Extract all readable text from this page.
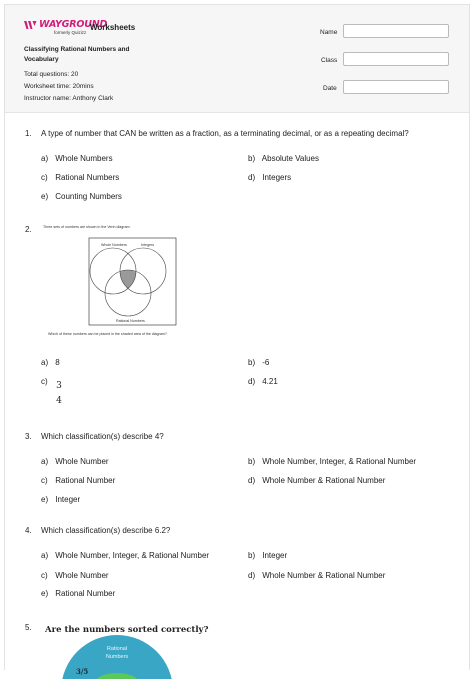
WAYGROUND
formerly Quizizz
Worksheets
Classifying Rational Numbers and Vocabulary
Total questions: 20
Worksheet time: 20mins
Instructor name: Anthony Clark
Name
Class
Date
1. A type of number that CAN be written as a fraction, as a terminating decimal, or as a repeating decimal?
a) Whole Numbers	b) Absolute Values
c) Rational Numbers	d) Integers
e) Counting Numbers
2.	Three sets of numbers are shown in the Venn diagram.
Whole Numbers	Integers
Rational Numbers
Which of these numbers can be placed in the shaded area of the diagram?
a) 8	b) -6
c) 3
4
d) 4.21
3. Which classification(s) describe 4?
a) Whole Number	b) Whole Number, Integer, & Rational Number
c) Rational Number	d) Whole Number & Rational Number
e) Integer
4. Which classification(s) describe 6.2?
a) Whole Number, Integer, & Rational Number	b) Integer
c) Whole Number	d) Whole Number & Rational Number
e) Rational Number
5. Are the numbers sorted correctly?
Rational Numbers
3/5
